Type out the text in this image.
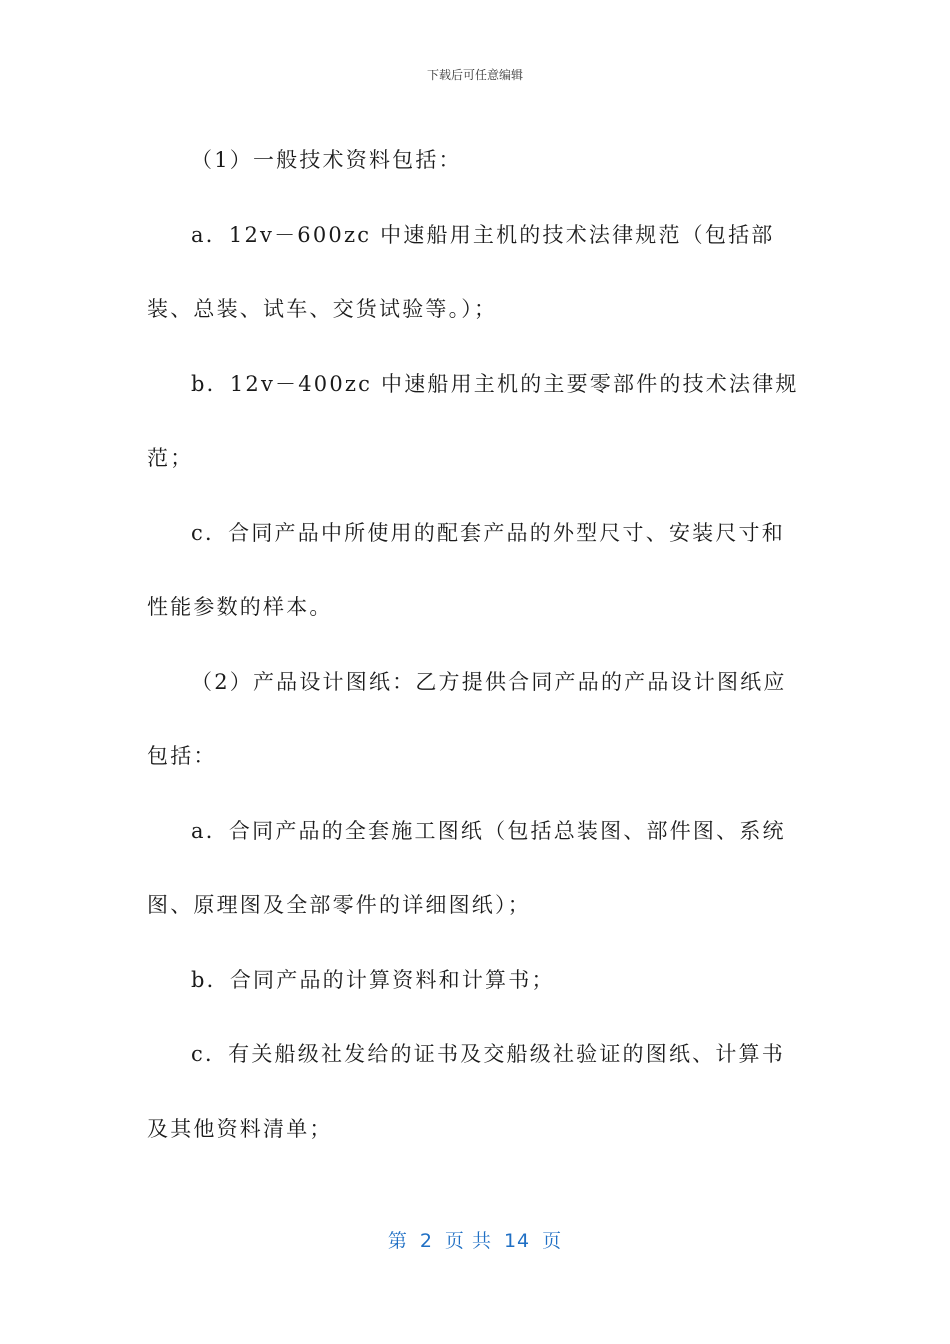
下载后可任意编辑

（1）一般技术资料包括：

a．12v－600zc 中速船用主机的技术法律规范（包括部装、总装、试车、交货试验等。）；

b．12v－400zc 中速船用主机的主要零部件的技术法律规范；

c．合同产品中所使用的配套产品的外型尺寸、安装尺寸和性能参数的样本。

（2）产品设计图纸：乙方提供合同产品的产品设计图纸应包括：

a．合同产品的全套施工图纸（包括总装图、部件图、系统图、原理图及全部零件的详细图纸）；

b．合同产品的计算资料和计算书；

c．有关船级社发给的证书及交船级社验证的图纸、计算书及其他资料清单；

第 2 页 共 14 页
